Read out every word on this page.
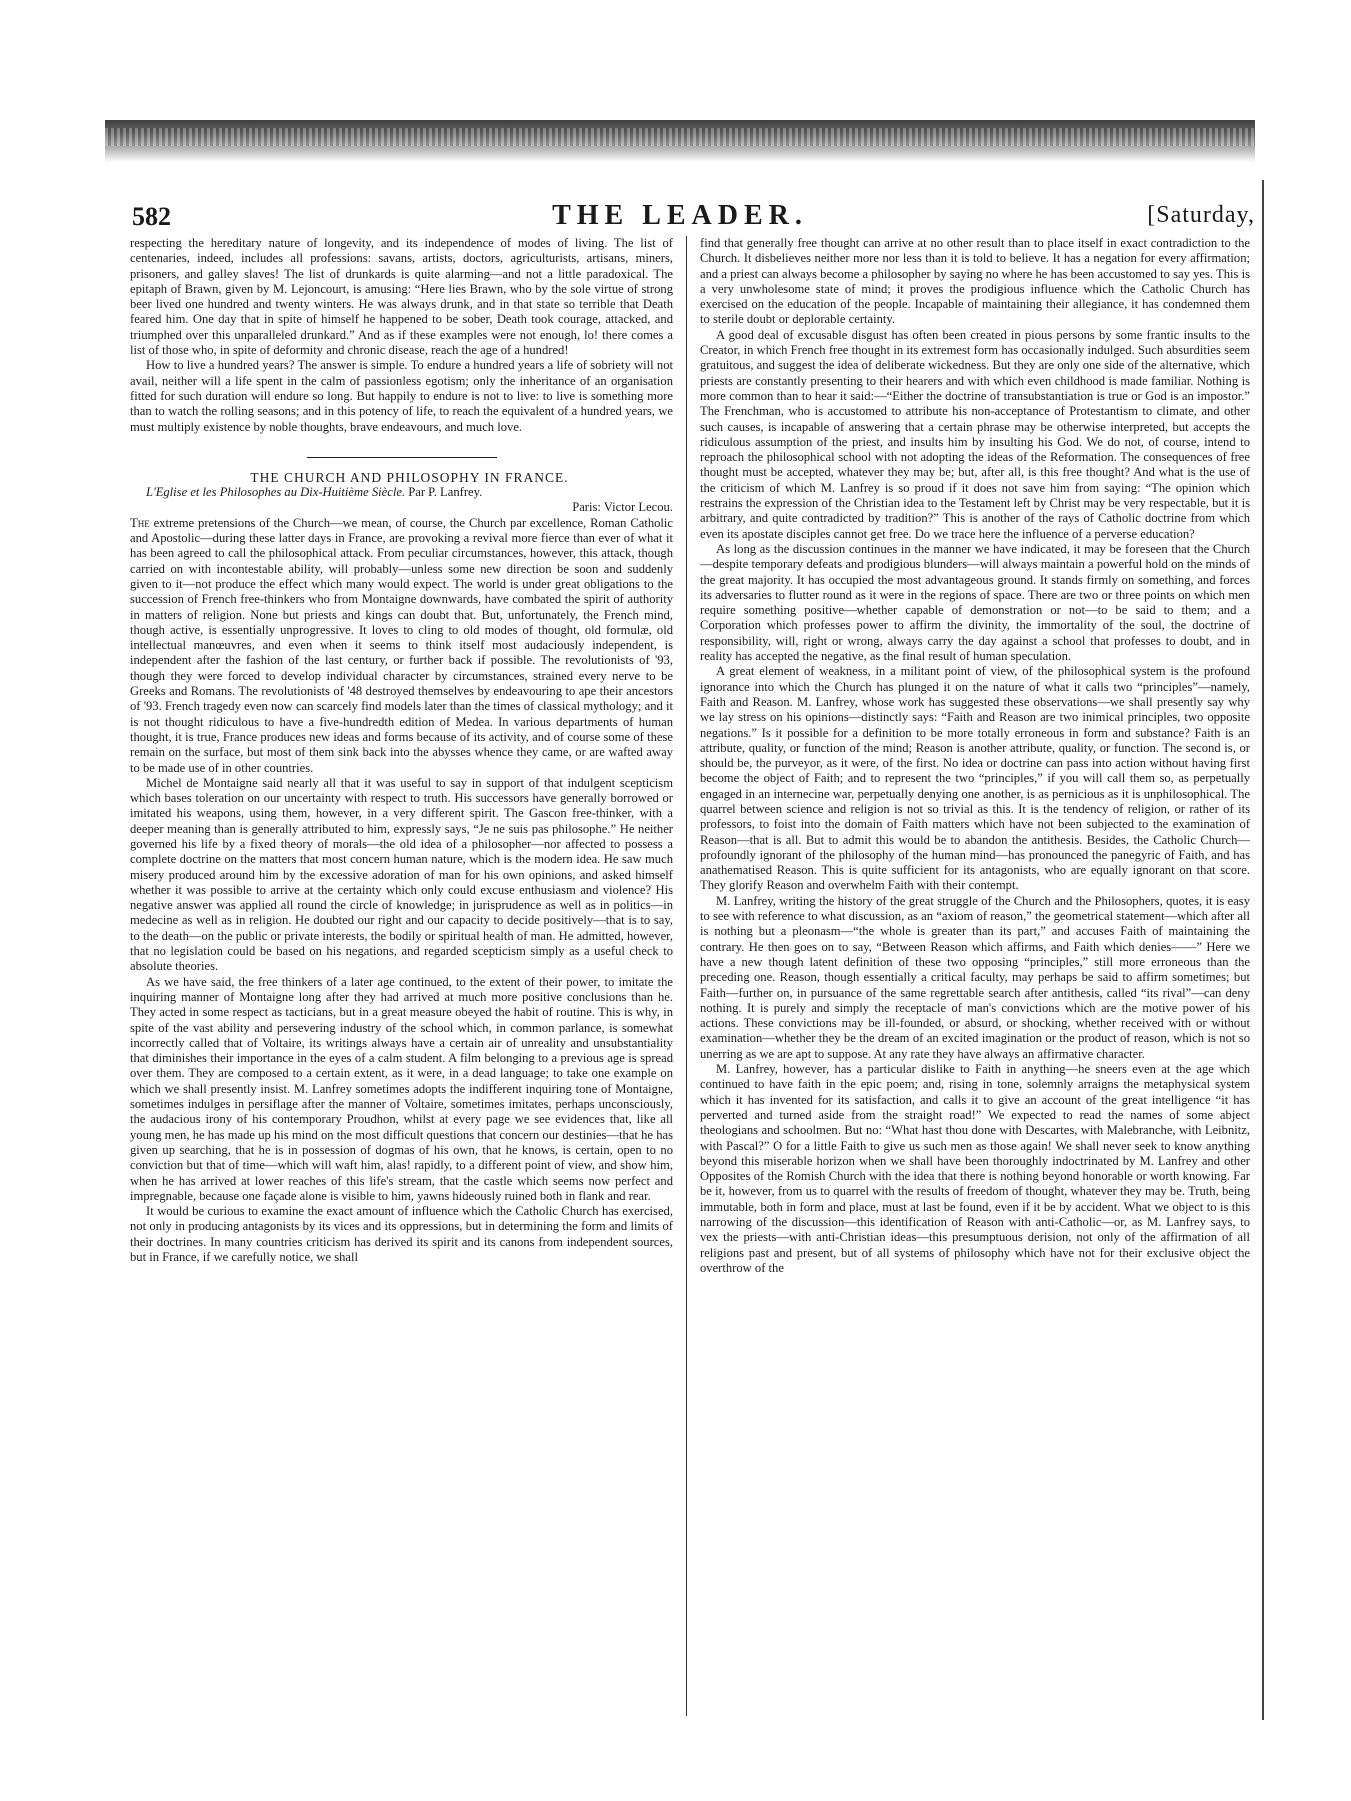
582	THE LEADER.	[Saturday,

respecting the hereditary nature of longevity, and its independence of modes of living. The list of centenaries, indeed, includes all professions: savans, artists, doctors, agriculturists, artisans, miners, prisoners, and galley slaves! The list of drunkards is quite alarming—and not a little paradoxical. The epitaph of Brawn, given by M. Lejoncourt, is amusing: “Here lies Brawn, who by the sole virtue of strong beer lived one hundred and twenty winters. He was always drunk, and in that state so terrible that Death feared him. One day that in spite of himself he happened to be sober, Death took courage, attacked, and triumphed over this unparalleled drunkard.” And as if these examples were not enough, lo! there comes a list of those who, in spite of deformity and chronic disease, reach the age of a hundred!

How to live a hundred years? The answer is simple. To endure a hundred years a life of sobriety will not avail, neither will a life spent in the calm of passionless egotism; only the inheritance of an organisation fitted for such duration will endure so long. But happily to endure is not to live: to live is something more than to watch the rolling seasons; and in this potency of life, to reach the equivalent of a hundred years, we must multiply existence by noble thoughts, brave endeavours, and much love.

THE CHURCH AND PHILOSOPHY IN FRANCE.

L'Eglise et les Philosophes au Dix-Huitième Siècle. Par P. Lanfrey.

Paris: Victor Lecou.

The extreme pretensions of the Church—we mean, of course, the Church par excellence, Roman Catholic and Apostolic—during these latter days in France, are provoking a revival more fierce than ever of what it has been agreed to call the philosophical attack. From peculiar circumstances, however, this attack, though carried on with incontestable ability, will probably—unless some new direction be soon and suddenly given to it—not produce the effect which many would expect. The world is under great obligations to the succession of French free-thinkers who from Montaigne downwards, have combated the spirit of authority in matters of religion. None but priests and kings can doubt that. But, unfortunately, the French mind, though active, is essentially unprogressive. It loves to cling to old modes of thought, old formulæ, old intellectual manœuvres, and even when it seems to think itself most audaciously independent, is independent after the fashion of the last century, or further back if possible. The revolutionists of '93, though they were forced to develop individual character by circumstances, strained every nerve to be Greeks and Romans. The revolutionists of '48 destroyed themselves by endeavouring to ape their ancestors of '93. French tragedy even now can scarcely find models later than the times of classical mythology; and it is not thought ridiculous to have a five-hundredth edition of Medea. In various departments of human thought, it is true, France produces new ideas and forms because of its activity, and of course some of these remain on the surface, but most of them sink back into the abysses whence they came, or are wafted away to be made use of in other countries.

Michel de Montaigne said nearly all that it was useful to say in support of that indulgent scepticism which bases toleration on our uncertainty with respect to truth. His successors have generally borrowed or imitated his weapons, using them, however, in a very different spirit. The Gascon free-thinker, with a deeper meaning than is generally attributed to him, expressly says, “Je ne suis pas philosophe.” He neither governed his life by a fixed theory of morals—the old idea of a philosopher—nor affected to possess a complete doctrine on the matters that most concern human nature, which is the modern idea. He saw much misery produced around him by the excessive adoration of man for his own opinions, and asked himself whether it was possible to arrive at the certainty which only could excuse enthusiasm and violence? His negative answer was applied all round the circle of knowledge; in jurisprudence as well as in politics—in medecine as well as in religion. He doubted our right and our capacity to decide positively—that is to say, to the death—on the public or private interests, the bodily or spiritual health of man. He admitted, however, that no legislation could be based on his negations, and regarded scepticism simply as a useful check to absolute theories.

As we have said, the free thinkers of a later age continued, to the extent of their power, to imitate the inquiring manner of Montaigne long after they had arrived at much more positive conclusions than he. They acted in some respect as tacticians, but in a great measure obeyed the habit of routine. This is why, in spite of the vast ability and persevering industry of the school which, in common parlance, is somewhat incorrectly called that of Voltaire, its writings always have a certain air of unreality and unsubstantiality that diminishes their importance in the eyes of a calm student. A film belonging to a previous age is spread over them. They are composed to a certain extent, as it were, in a dead language; to take one example on which we shall presently insist. M. Lanfrey sometimes adopts the indifferent inquiring tone of Montaigne, sometimes indulges in persiflage after the manner of Voltaire, sometimes imitates, perhaps unconsciously, the audacious irony of his contemporary Proudhon, whilst at every page we see evidences that, like all young men, he has made up his mind on the most difficult questions that concern our destinies—that he has given up searching, that he is in possession of dogmas of his own, that he knows, is certain, open to no conviction but that of time—which will waft him, alas! rapidly, to a different point of view, and show him, when he has arrived at lower reaches of this life's stream, that the castle which seems now perfect and impregnable, because one façade alone is visible to him, yawns hideously ruined both in flank and rear.

It would be curious to examine the exact amount of influence which the Catholic Church has exercised, not only in producing antagonists by its vices and its oppressions, but in determining the form and limits of their doctrines. In many countries criticism has derived its spirit and its canons from independent sources, but in France, if we carefully notice, we shall

find that generally free thought can arrive at no other result than to place itself in exact contradiction to the Church. It disbelieves neither more nor less than it is told to believe. It has a negation for every affirmation; and a priest can always become a philosopher by saying no where he has been accustomed to say yes. This is a very unwholesome state of mind; it proves the prodigious influence which the Catholic Church has exercised on the education of the people. Incapable of maintaining their allegiance, it has condemned them to sterile doubt or deplorable certainty.

A good deal of excusable disgust has often been created in pious persons by some frantic insults to the Creator, in which French free thought in its extremest form has occasionally indulged. Such absurdities seem gratuitous, and suggest the idea of deliberate wickedness. But they are only one side of the alternative, which priests are constantly presenting to their hearers and with which even childhood is made familiar. Nothing is more common than to hear it said:—“Either the doctrine of transubstantiation is true or God is an impostor.” The Frenchman, who is accustomed to attribute his non-acceptance of Protestantism to climate, and other such causes, is incapable of answering that a certain phrase may be otherwise interpreted, but accepts the ridiculous assumption of the priest, and insults him by insulting his God. We do not, of course, intend to reproach the philosophical school with not adopting the ideas of the Reformation. The consequences of free thought must be accepted, whatever they may be; but, after all, is this free thought? And what is the use of the criticism of which M. Lanfrey is so proud if it does not save him from saying: “The opinion which restrains the expression of the Christian idea to the Testament left by Christ may be very respectable, but it is arbitrary, and quite contradicted by tradition?” This is another of the rays of Catholic doctrine from which even its apostate disciples cannot get free. Do we trace here the influence of a perverse education?

As long as the discussion continues in the manner we have indicated, it may be foreseen that the Church—despite temporary defeats and prodigious blunders—will always maintain a powerful hold on the minds of the great majority. It has occupied the most advantageous ground. It stands firmly on something, and forces its adversaries to flutter round as it were in the regions of space. There are two or three points on which men require something positive—whether capable of demonstration or not—to be said to them; and a Corporation which professes power to affirm the divinity, the immortality of the soul, the doctrine of responsibility, will, right or wrong, always carry the day against a school that professes to doubt, and in reality has accepted the negative, as the final result of human speculation.

A great element of weakness, in a militant point of view, of the philosophical system is the profound ignorance into which the Church has plunged it on the nature of what it calls two “principles”—namely, Faith and Reason. M. Lanfrey, whose work has suggested these observations—we shall presently say why we lay stress on his opinions—distinctly says: “Faith and Reason are two inimical principles, two opposite negations.” Is it possible for a definition to be more totally erroneous in form and substance? Faith is an attribute, quality, or function of the mind; Reason is another attribute, quality, or function. The second is, or should be, the purveyor, as it were, of the first. No idea or doctrine can pass into action without having first become the object of Faith; and to represent the two “principles,” if you will call them so, as perpetually engaged in an internecine war, perpetually denying one another, is as pernicious as it is unphilosophical. The quarrel between science and religion is not so trivial as this. It is the tendency of religion, or rather of its professors, to foist into the domain of Faith matters which have not been subjected to the examination of Reason—that is all. But to admit this would be to abandon the antithesis. Besides, the Catholic Church—profoundly ignorant of the philosophy of the human mind—has pronounced the panegyric of Faith, and has anathematised Reason. This is quite sufficient for its antagonists, who are equally ignorant on that score. They glorify Reason and overwhelm Faith with their contempt.

M. Lanfrey, writing the history of the great struggle of the Church and the Philosophers, quotes, it is easy to see with reference to what discussion, as an “axiom of reason,” the geometrical statement—which after all is nothing but a pleonasm—“the whole is greater than its part,” and accuses Faith of maintaining the contrary. He then goes on to say, “Between Reason which affirms, and Faith which denies——” Here we have a new though latent definition of these two opposing “principles,” still more erroneous than the preceding one. Reason, though essentially a critical faculty, may perhaps be said to affirm sometimes; but Faith—further on, in pursuance of the same regrettable search after antithesis, called “its rival”—can deny nothing. It is purely and simply the receptacle of man's convictions which are the motive power of his actions. These convictions may be ill-founded, or absurd, or shocking, whether received with or without examination—whether they be the dream of an excited imagination or the product of reason, which is not so unerring as we are apt to suppose. At any rate they have always an affirmative character.

M. Lanfrey, however, has a particular dislike to Faith in anything—he sneers even at the age which continued to have faith in the epic poem; and, rising in tone, solemnly arraigns the metaphysical system which it has invented for its satisfaction, and calls it to give an account of the great intelligence “it has perverted and turned aside from the straight road!” We expected to read the names of some abject theologians and schoolmen. But no: “What hast thou done with Descartes, with Malebranche, with Leibnitz, with Pascal?” O for a little Faith to give us such men as those again! We shall never seek to know anything beyond this miserable horizon when we shall have been thoroughly indoctrinated by M. Lanfrey and other Opposites of the Romish Church with the idea that there is nothing beyond honorable or worth knowing. Far be it, however, from us to quarrel with the results of freedom of thought, whatever they may be. Truth, being immutable, both in form and place, must at last be found, even if it be by accident. What we object to is this narrowing of the discussion—this identification of Reason with anti-Catholic—or, as M. Lanfrey says, to vex the priests—with anti-Christian ideas—this presumptuous derision, not only of the affirmation of all religions past and present, but of all systems of philosophy which have not for their exclusive object the overthrow of the
